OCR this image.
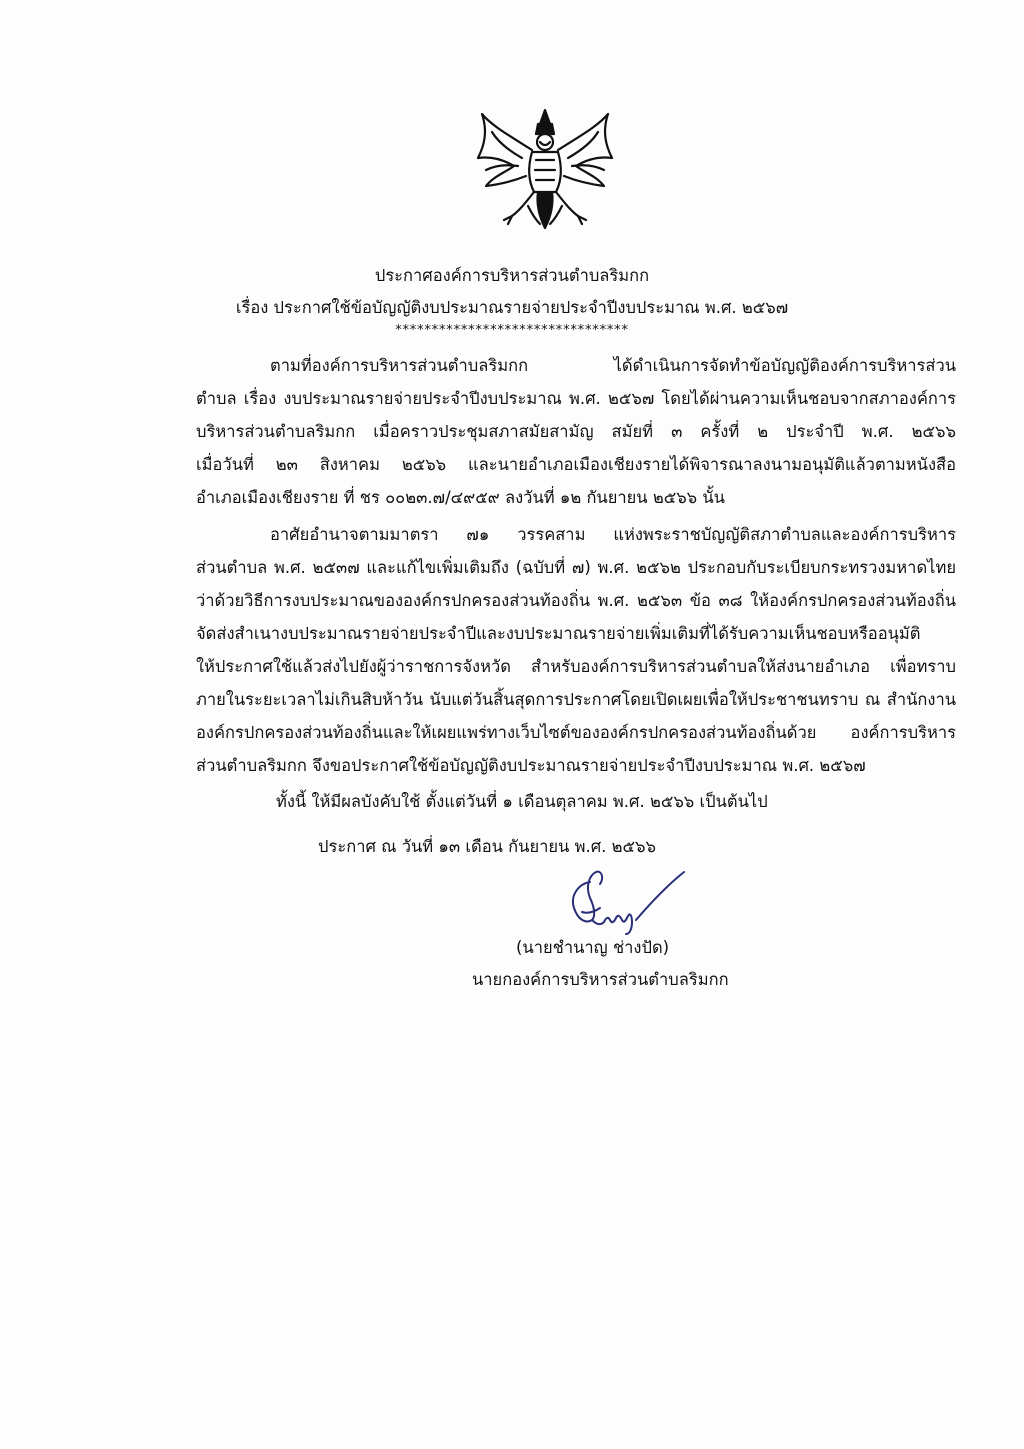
ประกาศองค์การบริหารส่วนตำบลริมกก
เรื่อง ประกาศใช้ข้อบัญญัติงบประมาณรายจ่ายประจำปีงบประมาณ พ.ศ. ๒๕๖๗
********************************
ตามที่องค์การบริหารส่วนตำบลริมกก ได้ดำเนินการจัดทำข้อบัญญัติองค์การบริหารส่วน
ตำบล เรื่อง งบประมาณรายจ่ายประจำปีงบประมาณ พ.ศ. ๒๕๖๗ โดยได้ผ่านความเห็นชอบจากสภาองค์การ
บริหารส่วนตำบลริมกก เมื่อคราวประชุมสภาสมัยสามัญ สมัยที่ ๓ ครั้งที่ ๒ ประจำปี พ.ศ. ๒๕๖๖
เมื่อวันที่ ๒๓ สิงหาคม ๒๕๖๖ และนายอำเภอเมืองเชียงรายได้พิจารณาลงนามอนุมัติแล้วตามหนังสือ
อำเภอเมืองเชียงราย ที่ ชร ๐๐๒๓.๗/๔๙๕๙ ลงวันที่ ๑๒ กันยายน ๒๕๖๖ นั้น
อาศัยอำนาจตามมาตรา ๗๑ วรรคสาม แห่งพระราชบัญญัติสภาตำบลและองค์การบริหาร
ส่วนตำบล พ.ศ. ๒๕๓๗ และแก้ไขเพิ่มเติมถึง (ฉบับที่ ๗) พ.ศ. ๒๕๖๒ ประกอบกับระเบียบกระทรวงมหาดไทย
ว่าด้วยวิธีการงบประมาณขององค์กรปกครองส่วนท้องถิ่น พ.ศ. ๒๕๖๓ ข้อ ๓๘ ให้องค์กรปกครองส่วนท้องถิ่น
จัดส่งสำเนางบประมาณรายจ่ายประจำปีและงบประมาณรายจ่ายเพิ่มเติมที่ได้รับความเห็นชอบหรืออนุมัติ
ให้ประกาศใช้แล้วส่งไปยังผู้ว่าราชการจังหวัด สำหรับองค์การบริหารส่วนตำบลให้ส่งนายอำเภอ เพื่อทราบ
ภายในระยะเวลาไม่เกินสิบห้าวัน นับแต่วันสิ้นสุดการประกาศโดยเปิดเผยเพื่อให้ประชาชนทราบ ณ สำนักงาน
องค์กรปกครองส่วนท้องถิ่นและให้เผยแพร่ทางเว็บไซต์ขององค์กรปกครองส่วนท้องถิ่นด้วย องค์การบริหาร
ส่วนตำบลริมกก จึงขอประกาศใช้ข้อบัญญัติงบประมาณรายจ่ายประจำปีงบประมาณ พ.ศ. ๒๕๖๗
ทั้งนี้ ให้มีผลบังคับใช้ ตั้งแต่วันที่ ๑ เดือนตุลาคม พ.ศ. ๒๕๖๖ เป็นต้นไป
ประกาศ ณ วันที่ ๑๓ เดือน กันยายน พ.ศ. ๒๕๖๖
(นายชำนาญ ช่างปัด)
นายกองค์การบริหารส่วนตำบลริมกก
